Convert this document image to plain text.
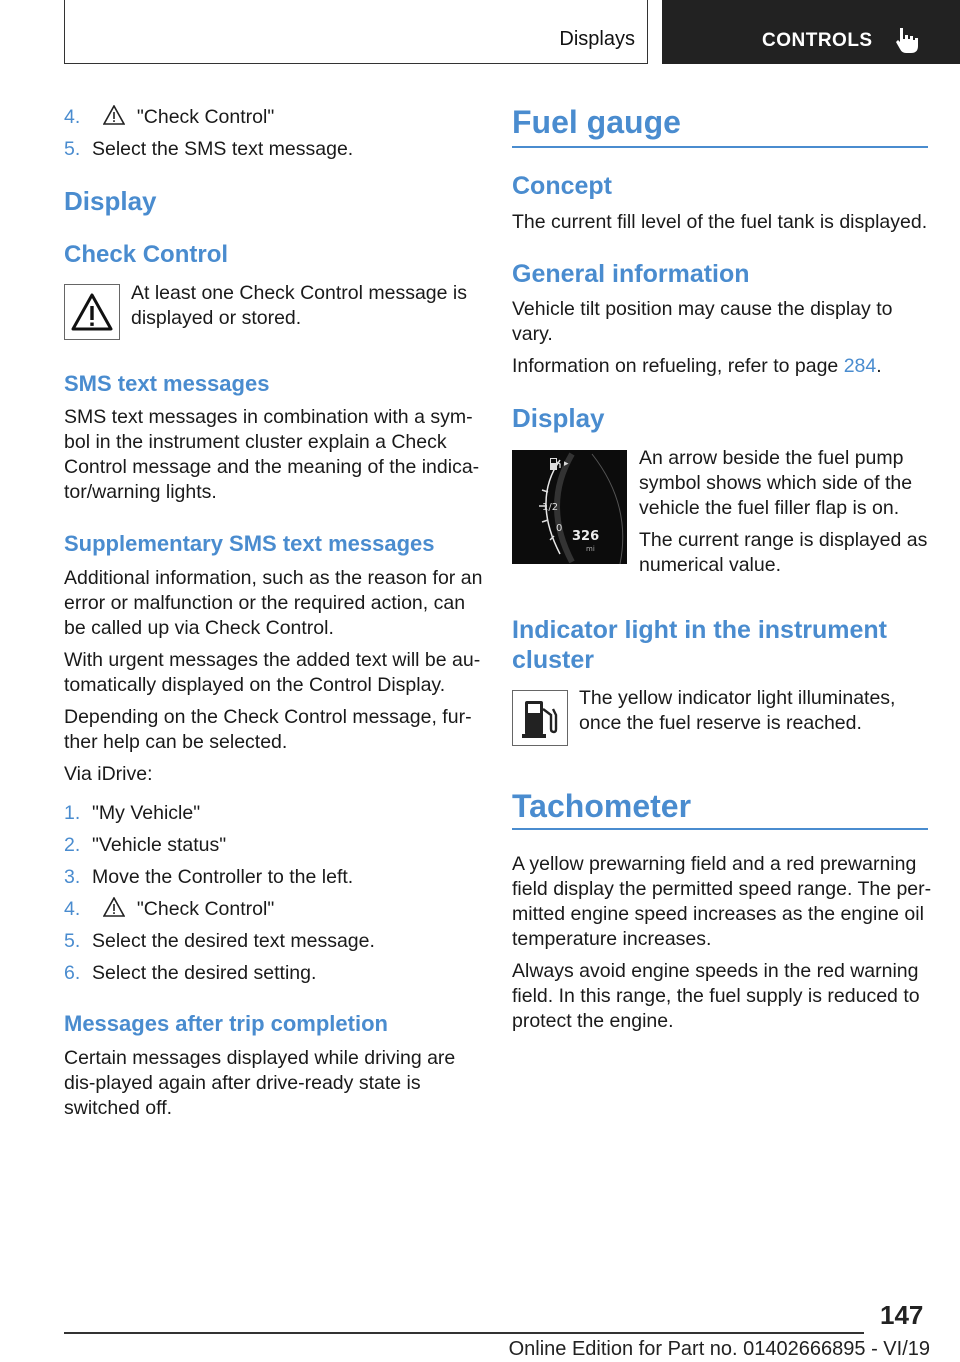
Displays	CONTROLS
4.	"Check Control"
5. Select the SMS text message.
Display
Check Control

At least one Check Control message is displayed or stored.

SMS text messages

SMS text messages in combination with a sym-bol in the instrument cluster explain a Check Control message and the meaning of the indica-tor/warning lights.

Supplementary SMS text messages

Additional information, such as the reason for an error or malfunction or the required action, can be called up via Check Control.

With urgent messages the added text will be au-tomatically displayed on the Control Display.

Depending on the Check Control message, fur-ther help can be selected.

Via iDrive:

1. "My Vehicle"
2. "Vehicle status"
3. Move the Controller to the left.
4.	"Check Control"
5. Select the desired text message.
6. Select the desired setting.
Messages after trip completion

Certain messages displayed while driving are dis-played again after drive-ready state is switched off.

Fuel gauge
Concept

The current fill level of the fuel tank is displayed.

General information

Vehicle tilt position may cause the display to vary.

Information on refueling, refer to page 284.

Display
▸
1/2
0
326
mi

An arrow beside the fuel pump symbol shows which side of the vehicle the fuel filler flap is on.

The current range is displayed as numerical value.

Indicator light in the instrument cluster

The yellow indicator light illuminates, once the fuel reserve is reached.

Tachometer

A yellow prewarning field and a red prewarning field display the permitted speed range. The per-mitted engine speed increases as the engine oil temperature increases.

Always avoid engine speeds in the red warning field. In this range, the fuel supply is reduced to protect the engine.

147
Online Edition for Part no. 01402666895 - VI/19
